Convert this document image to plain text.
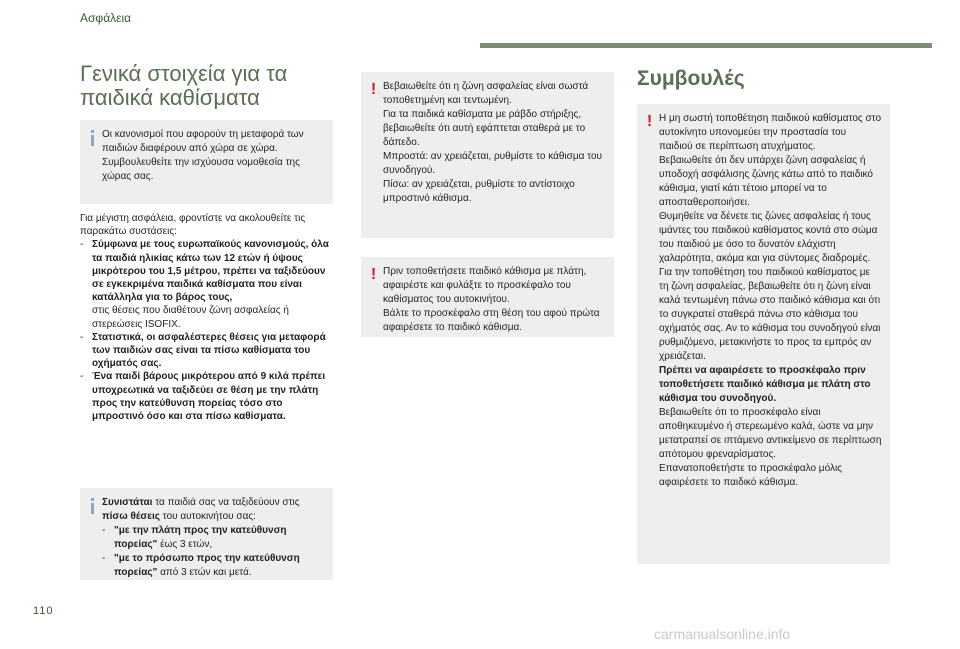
Ασφάλεια
Γενικά στοιχεία για τα παιδικά καθίσματα
Οι κανονισμοί που αφορούν τη μεταφορά των παιδιών διαφέρουν από χώρα σε χώρα. Συμβουλευθείτε την ισχύουσα νομοθεσία της χώρας σας.

Για μέγιστη ασφάλεια, φροντίστε να ακολουθείτε τις παρακάτω συστάσεις:

- Σύμφωνα με τους ευρωπαϊκούς κανονισμούς, όλα τα παιδιά ηλικίας κάτω των 12 ετών ή ύψους μικρότερου του 1,5 μέτρου, πρέπει να ταξιδεύουν σε εγκεκριμένα παιδικά καθίσματα που είναι κατάλληλα για το βάρος τους,
στις θέσεις που διαθέτουν ζώνη ασφαλείας ή στερεώσεις ISOFIX.
- Στατιστικά, οι ασφαλέστερες θέσεις για μεταφορά των παιδιών σας είναι τα πίσω καθίσματα του οχήματός σας.
- Ένα παιδί βάρους μικρότερου από 9 κιλά πρέπει υποχρεωτικά να ταξιδεύει σε θέση με την πλάτη προς την κατεύθυνση πορείας τόσο στο μπροστινό όσο και στα πίσω καθίσματα.

Συνιστάται τα παιδιά σας να ταξιδεύουν στις πίσω θέσεις του αυτοκινήτου σας:

- "με την πλάτη προς την κατεύθυνση πορείας" έως 3 ετών,
- "με το πρόσωπο προς την κατεύθυνση πορείας" από 3 ετών και μετά.
! Βεβαιωθείτε ότι η ζώνη ασφαλείας είναι σωστά τοποθετημένη και τεντωμένη.

Για τα παιδικά καθίσματα με ράβδο στήριξης, βεβαιωθείτε ότι αυτή εφάπτεται σταθερά με το δάπεδο.

Μπροστά: αν χρειάζεται, ρυθμίστε το κάθισμα του συνοδηγού.

Πίσω: αν χρειάζεται, ρυθμίστε το αντίστοιχο μπροστινό κάθισμα.

! Πριν τοποθετήσετε παιδικό κάθισμα με πλάτη, αφαιρέστε και φυλάξτε το προσκέφαλο του καθίσματος του αυτοκινήτου.

Βάλτε το προσκέφαλο στη θέση του αφού πρώτα αφαιρέσετε το παιδικό κάθισμα.

Συμβουλές
! Η μη σωστή τοποθέτηση παιδικού καθίσματος στο αυτοκίνητο υπονομεύει την προστασία του παιδιού σε περίπτωση ατυχήματος.

Βεβαιωθείτε ότι δεν υπάρχει ζώνη ασφαλείας ή υποδοχή ασφάλισης ζώνης κάτω από το παιδικό κάθισμα, γιατί κάτι τέτοιο μπορεί να το αποσταθεροποιήσει.

Θυμηθείτε να δένετε τις ζώνες ασφαλείας ή τους ιμάντες του παιδικού καθίσματος κοντά στο σώμα του παιδιού με όσο το δυνατόν ελάχιστη χαλαρότητα, ακόμα και για σύντομες διαδρομές.

Για την τοποθέτηση του παιδικού καθίσματος με τη ζώνη ασφαλείας, βεβαιωθείτε ότι η ζώνη είναι καλά τεντωμένη πάνω στο παιδικό κάθισμα και ότι το συγκρατεί σταθερά πάνω στο κάθισμα του οχήματός σας. Αν το κάθισμα του συνοδηγού είναι ρυθμιζόμενο, μετακινήστε το προς τα εμπρός αν χρειάζεται.

Πρέπει να αφαιρέσετε το προσκέφαλο πριν τοποθετήσετε παιδικό κάθισμα με πλάτη στο κάθισμα του συνοδηγού.

Βεβαιωθείτε ότι το προσκέφαλο είναι αποθηκευμένο ή στερεωμένο καλά, ώστε να μην μετατραπεί σε ιπτάμενο αντικείμενο σε περίπτωση απότομου φρεναρίσματος.

Επανατοποθετήστε το προσκέφαλο μόλις αφαιρέσετε το παιδικό κάθισμα.

110
carmanualsonline.info
